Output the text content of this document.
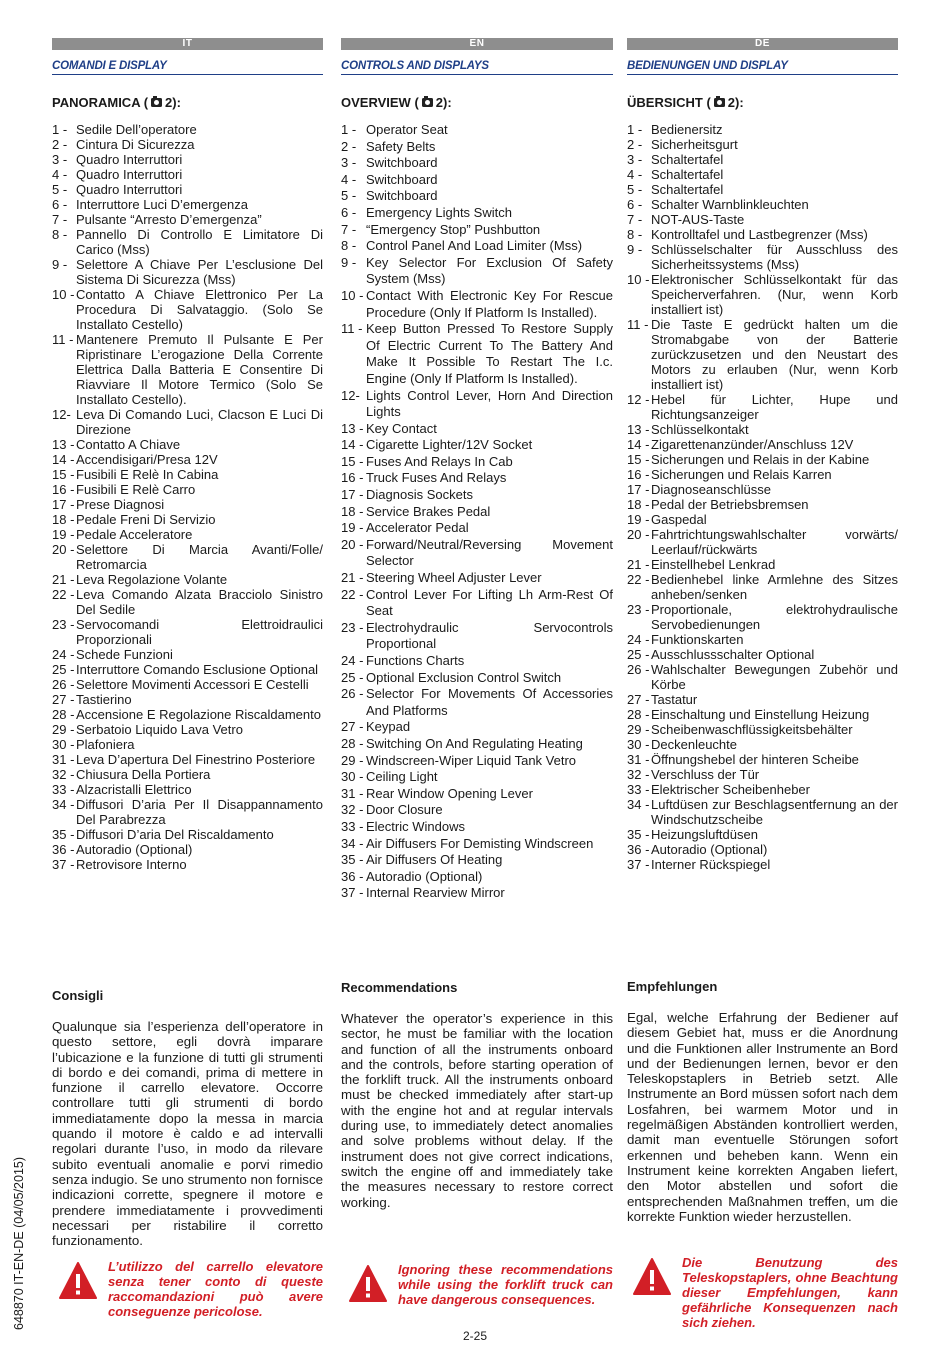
IT
COMANDI E DISPLAY
PANORAMICA ( 2):
1 - Sedile Dell’operatore
2 - Cintura Di Sicurezza
3 - Quadro Interruttori
4 - Quadro Interruttori
5 - Quadro Interruttori
6 - Interruttore Luci D’emergenza
7 - Pulsante “Arresto D’emergenza”
8 - Pannello Di Controllo E Limitatore Di Carico (Mss)
9 - Selettore A Chiave Per L’esclusione Del Sistema Di Sicurezza (Mss)
10 - Contatto A Chiave Elettronico Per La Procedura Di Salvataggio. (Solo Se Installato Cestello)
11 - Mantenere Premuto Il Pulsante E Per Ripristinare L’erogazione Della Corrente Elettrica Dalla Batteria E Consentire Di Riavviare Il Motore Termico (Solo Se Installato Cestello).
12- Leva Di Comando Luci, Clacson E Luci Di Direzione
13 - Contatto A Chiave
14 - Accendisigari/Presa 12V
15 - Fusibili E Relè In Cabina
16 - Fusibili E Relè Carro
17 - Prese Diagnosi
18 - Pedale Freni Di Servizio
19 - Pedale Acceleratore
20 - Selettore Di Marcia Avanti/Folle/ Retromarcia
21 - Leva Regolazione Volante
22 - Leva Comando Alzata Bracciolo Sinistro Del Sedile
23 - Servocomandi Elettroidraulici Proporzionali
24 - Schede Funzioni
25 - Interruttore Comando Esclusione Optional
26 - Selettore Movimenti Accessori E Cestelli
27 - Tastierino
28 - Accensione E Regolazione Riscaldamento
29 - Serbatoio Liquido Lava Vetro
30 - Plafoniera
31 - Leva D’apertura Del Finestrino Posteriore
32 - Chiusura Della Portiera
33 - Alzacristalli Elettrico
34 - Diffusori D’aria Per Il Disappannamento Del Parabrezza
35 - Diffusori D’aria Del Riscaldamento
36 - Autoradio (Optional)
37 - Retrovisore Interno
EN
CONTROLS AND DISPLAYS
OVERVIEW ( 2):
1 - Operator Seat
2 - Safety Belts
3 - Switchboard
4 - Switchboard
5 - Switchboard
6 - Emergency Lights Switch
7 - “Emergency Stop” Pushbutton
8 - Control Panel And Load Limiter (Mss)
9 - Key Selector For Exclusion Of Safety System (Mss)
10 - Contact With Electronic Key For Rescue Procedure (Only If Platform Is Installed).
11 - Keep Button Pressed To Restore Supply Of Electric Current To The Battery And Make It Possible To Restart The I.c. Engine (Only If Platform Is Installed).
12- Lights Control Lever, Horn And Direction Lights
13 - Key Contact
14 - Cigarette Lighter/12V Socket
15 - Fuses And Relays In Cab
16 - Truck Fuses And Relays
17 - Diagnosis Sockets
18 - Service Brakes Pedal
19 - Accelerator Pedal
20 - Forward/Neutral/Reversing Movement Selector
21 - Steering Wheel Adjuster Lever
22 - Control Lever For Lifting Lh Arm-Rest Of Seat
23 - Electrohydraulic Servocontrols Proportional
24 - Functions Charts
25 - Optional Exclusion Control Switch
26 - Selector For Movements Of Accessories And Platforms
27 - Keypad
28 - Switching On And Regulating Heating
29 - Windscreen-Wiper Liquid Tank Vetro
30 - Ceiling Light
31 - Rear Window Opening Lever
32 - Door Closure
33 - Electric Windows
34 - Air Diffusers For Demisting Windscreen
35 - Air Diffusers Of Heating
36 - Autoradio (Optional)
37 - Internal Rearview Mirror
DE
BEDIENUNGEN UND DISPLAY
ÜBERSICHT ( 2):
1 - Bedienersitz
2 - Sicherheitsgurt
3 - Schaltertafel
4 - Schaltertafel
5 - Schaltertafel
6 - Schalter Warnblinkleuchten
7 - NOT-AUS-Taste
8 - Kontrolltafel und Lastbegrenzer (Mss)
9 - Schlüsselschalter für Ausschluss des Sicherheitssystems (Mss)
10 - Elektronischer Schlüsselkontakt für das Speicherverfahren. (Nur, wenn Korb installiert ist)
11 - Die Taste E gedrückt halten um die Stromabgabe von der Batterie zurückzusetzen und den Neustart des Motors zu erlauben (Nur, wenn Korb installiert ist)
12 - Hebel für Lichter, Hupe und Richtungsanzeiger
13 - Schlüsselkontakt
14 - Zigarettenanzünder/Anschluss 12V
15 - Sicherungen und Relais in der Kabine
16 - Sicherungen und Relais Karren
17 - Diagnoseanschlüsse
18 - Pedal der Betriebsbremsen
19 - Gaspedal
20 - Fahrtrichtungswahlschalter vorwärts/ Leerlauf/rückwärts
21 - Einstellhebel Lenkrad
22 - Bedienhebel linke Armlehne des Sitzes anheben/senken
23 - Proportionale, elektrohydraulische Servobedienungen
24 - Funktionskarten
25 - Ausschlussschalter Optional
26 - Wahlschalter Bewegungen Zubehör und Körbe
27 - Tastatur
28 - Einschaltung und Einstellung Heizung
29 - Scheibenwaschflüssigkeitsbehälter
30 - Deckenleuchte
31 - Öffnungshebel der hinteren Scheibe
32 - Verschluss der Tür
33 - Elektrischer Scheibenheber
34 - Luftdüsen zur Beschlagsentfernung an der Windschutzscheibe
35 - Heizungsluftdüsen
36 - Autoradio (Optional)
37 - Interner Rückspiegel
Consigli

Qualunque sia l’esperienza dell’operatore in questo settore, egli dovrà imparare l’ubicazione e la funzione di tutti gli strumenti di bordo e dei comandi, prima di mettere in funzione il carrello elevatore. Occorre controllare tutti gli strumenti di bordo immediatamente dopo la messa in marcia quando il motore è caldo e ad intervalli regolari durante l’uso, in modo da rilevare subito eventuali anomalie e porvi rimedio senza indugio. Se uno strumento non fornisce indicazioni corrette, spegnere il motore e prendere immediatamente i provvedimenti necessari per ristabilire il corretto funzionamento.

Recommendations

Whatever the operator’s experience in this sector, he must be familiar with the location and function of all the instruments onboard and the controls, before starting operation of the forklift truck. All the instruments onboard must be checked immediately after start-up with the engine hot and at regular intervals during use, to immediately detect anomalies and solve problems without delay. If the instrument does not give correct indications, switch the engine off and immediately take the measures necessary to restore correct working.

Empfehlungen

Egal, welche Erfahrung der Bediener auf diesem Gebiet hat, muss er die Anordnung und die Funktionen aller Instrumente an Bord und der Bedienungen lernen, bevor er den Teleskopstaplers in Betrieb setzt. Alle Instrumente an Bord müssen sofort nach dem Losfahren, bei warmem Motor und in regelmäßigen Abständen kontrolliert werden, damit man eventuelle Störungen sofort erkennen und beheben kann. Wenn ein Instrument keine korrekten Angaben liefert, den Motor abstellen und sofort die entsprechenden Maßnahmen treffen, um die korrekte Funktion wieder herzustellen.

L’utilizzo del carrello elevatore senza tener conto di queste raccomandazioni può avere conseguenze pericolose.
Ignoring these recommendations while using the forklift truck can have dangerous consequences.
Die Benutzung des Teleskopstaplers, ohne Beachtung dieser Empfehlungen, kann gefährliche Konsequenzen nach sich ziehen.
648870 IT-EN-DE (04/05/2015)
2-25
